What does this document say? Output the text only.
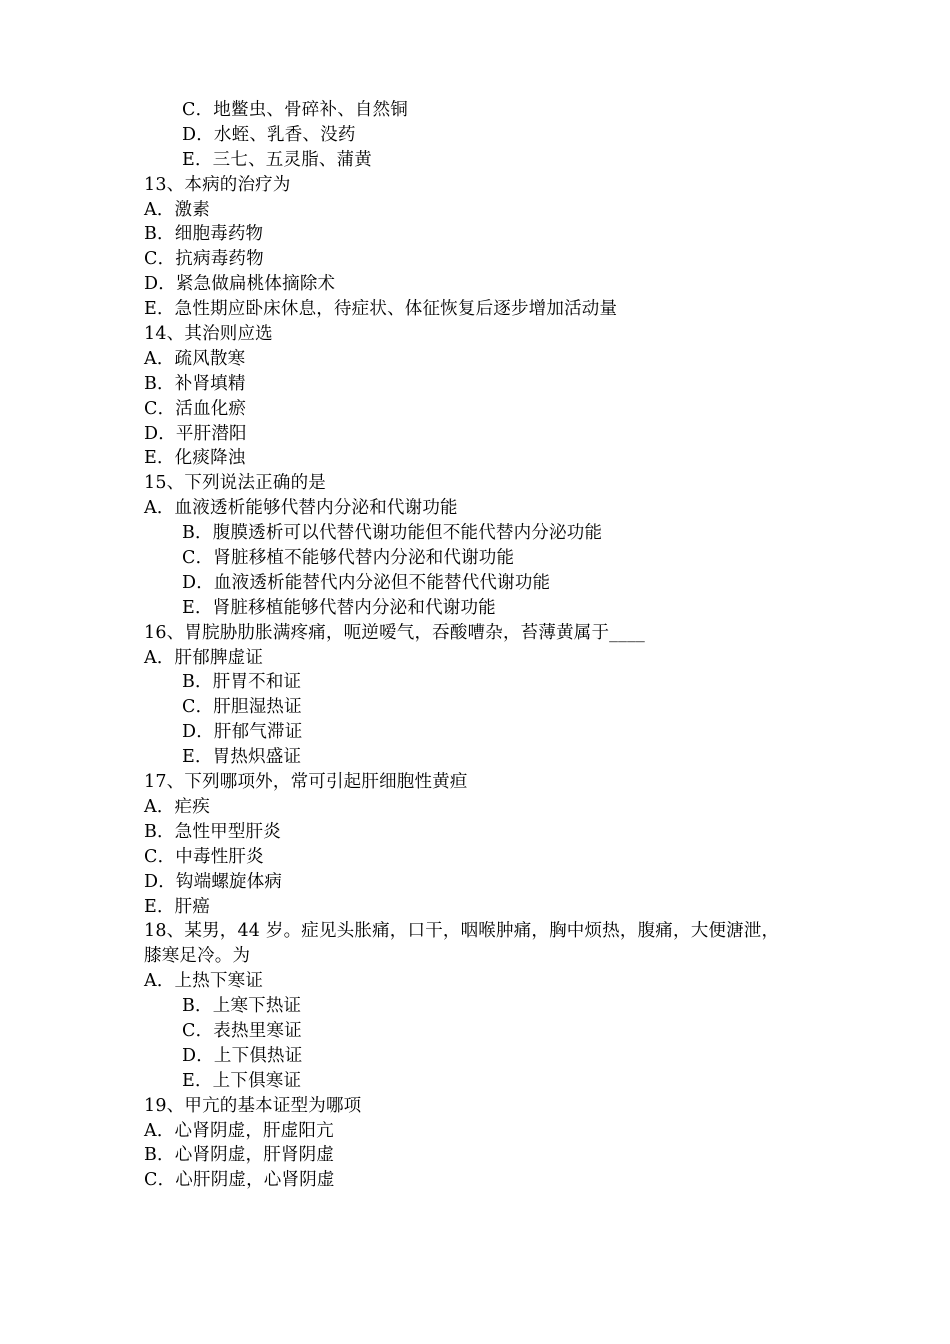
C．地鳖虫、骨碎补、自然铜
D．水蛭、乳香、没药
E．三七、五灵脂、蒲黄
13、本病的治疗为
A．激素
B．细胞毒药物
C．抗病毒药物
D．紧急做扁桃体摘除术
E．急性期应卧床休息，待症状、体征恢复后逐步增加活动量
14、其治则应选
A．疏风散寒
B．补肾填精
C．活血化瘀
D．平肝潜阳
E．化痰降浊
15、下列说法正确的是
A．血液透析能够代替内分泌和代谢功能
B．腹膜透析可以代替代谢功能但不能代替内分泌功能
C．肾脏移植不能够代替内分泌和代谢功能
D．血液透析能替代内分泌但不能替代代谢功能
E．肾脏移植能够代替内分泌和代谢功能
16、胃脘胁肋胀满疼痛，呃逆嗳气，吞酸嘈杂，苔薄黄属于____
A．肝郁脾虚证
B．肝胃不和证
C．肝胆湿热证
D．肝郁气滞证
E．胃热炽盛证
17、下列哪项外，常可引起肝细胞性黄疸
A．疟疾
B．急性甲型肝炎
C．中毒性肝炎
D．钩端螺旋体病
E．肝癌
18、某男，44 岁。症见头胀痛，口干，咽喉肿痛，胸中烦热，腹痛，大便溏泄，
膝寒足冷。为
A．上热下寒证
B．上寒下热证
C．表热里寒证
D．上下俱热证
E．上下俱寒证
19、甲亢的基本证型为哪项
A．心肾阴虚，肝虚阳亢
B．心肾阴虚，肝肾阴虚
C．心肝阴虚，心肾阴虚
